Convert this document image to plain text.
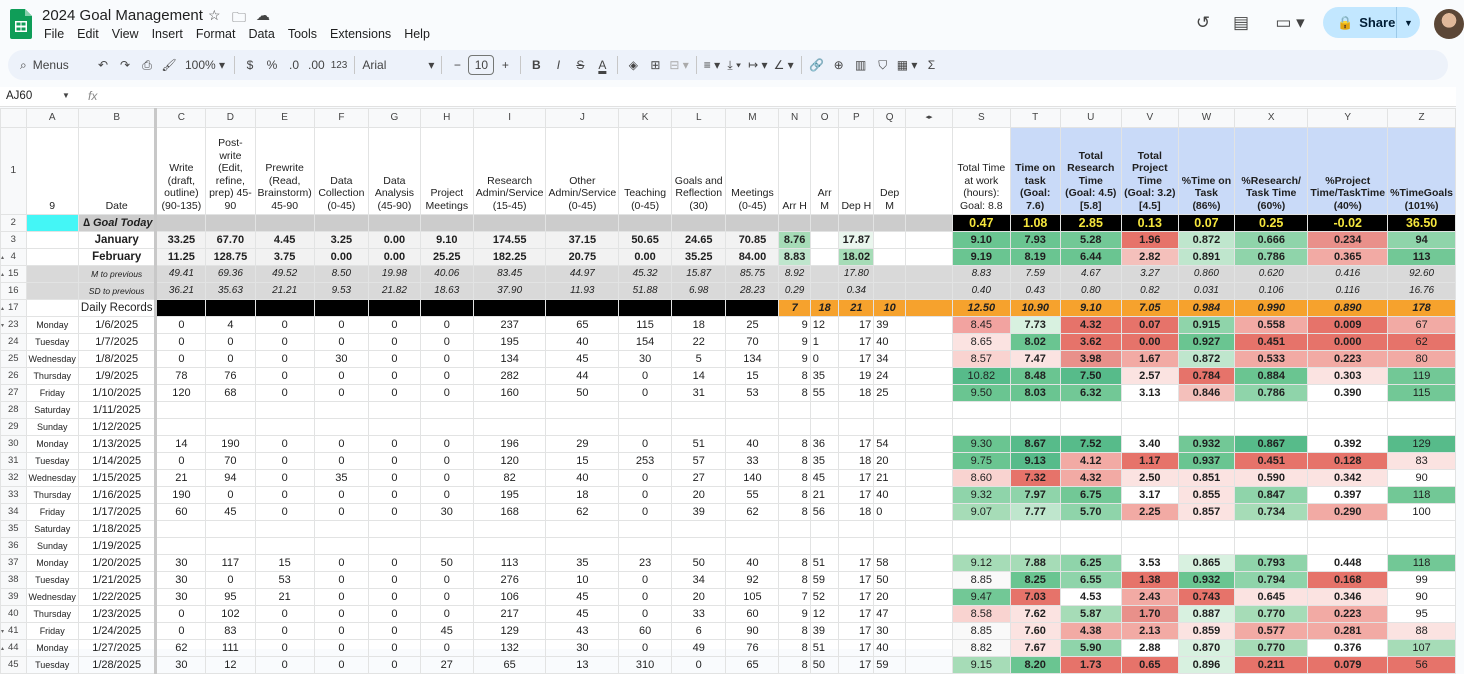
2024 Goal Management ☆ 🗀 ☁
File Edit View Insert Format Data Tools Extensions Help
↺ ▤ ▭ ▾ 🔒 Share ▼
⌕ Menus	↶ ↷	⎙ 🖌 100% ▾	$	% .0 .00 123 Arial	▾	−	10	+	B	I	S	A	◈	⊞ ⊟ ▾ ≡ ▾ ⤓ ▾ ↦ ▾ ∠ ▾ 🔗 ⊕ ▥ ⛉ ▦ ▾ Σ
AJ60	▼ fx
	A	B	C	D	E	F	G	H	I	J	K	L	M	N	O	P	Q	◂▸	S	T	U	V	W	X	Y	Z
1	9	Date	Write (draft, outline) (90-135)	Post-write (Edit, refine, prep) 45-90	Prewrite (Read, Brainstorm) 45-90	Data Collection (0-45)	Data Analysis (45-90)	Project Meetings	Research Admin/Service (15-45)	Other Admin/Service (0-45)	Teaching (0-45)	Goals and Reflection (30)	Meetings (0-45)	Arr H	Arr M	Dep H	Dep M		Total Time at work (hours): Goal: 8.8	Time on task (Goal: 7.6)	Total Research Time (Goal: 4.5) [5.8]	Total Project Time (Goal: 3.2) [4.5]	%Time on Task (86%)	%Research/ Task Time (60%)	%Project Time/TaskTime (40%)	%TimeGoals (101%)
2		∆ Goal Today																	0.47	1.08	2.85	0.13	0.07	0.25	-0.02	36.50
3		January	33.25	67.70	4.45	3.25	0.00	9.10	174.55	37.15	50.65	24.65	70.85	8.76		17.87			9.10	7.93	5.28	1.96	0.872	0.666	0.234	94
▴ 4		February	11.25	128.75	3.75	0.00	0.00	25.25	182.25	20.75	0.00	35.25	84.00	8.83		18.02			9.19	8.19	6.44	2.82	0.891	0.786	0.365	113
▴ 15		M to previous	49.41	69.36	49.52	8.50	19.98	40.06	83.45	44.97	45.32	15.87	85.75	8.92		17.80			8.83	7.59	4.67	3.27	0.860	0.620	0.416	92.60
16		SD to previous	36.21	35.63	21.21	9.53	21.82	18.63	37.90	11.93	51.88	6.98	28.23	0.29		0.34			0.40	0.43	0.80	0.82	0.031	0.106	0.116	16.76
▴ 17		Daily Records												7	18	21	10		12.50	10.90	9.10	7.05	0.984	0.990	0.890	178
▾ 23	Monday	1/6/2025	0	4	0	0	0	0	237	65	115	18	25	9	12	17	39		8.45	7.73	4.32	0.07	0.915	0.558	0.009	67
24	Tuesday	1/7/2025	0	0	0	0	0	0	195	40	154	22	70	9	1	17	40		8.65	8.02	3.62	0.00	0.927	0.451	0.000	62
25	Wednesday	1/8/2025	0	0	0	30	0	0	134	45	30	5	134	9	0	17	34		8.57	7.47	3.98	1.67	0.872	0.533	0.223	80
26	Thursday	1/9/2025	78	76	0	0	0	0	282	44	0	14	15	8	35	19	24		10.82	8.48	7.50	2.57	0.784	0.884	0.303	119
27	Friday	1/10/2025	120	68	0	0	0	0	160	50	0	31	53	8	55	18	25		9.50	8.03	6.32	3.13	0.846	0.786	0.390	115
28	Saturday	1/11/2025																								
29	Sunday	1/12/2025																								
30	Monday	1/13/2025	14	190	0	0	0	0	196	29	0	51	40	8	36	17	54		9.30	8.67	7.52	3.40	0.932	0.867	0.392	129
31	Tuesday	1/14/2025	0	70	0	0	0	0	120	15	253	57	33	8	35	18	20		9.75	9.13	4.12	1.17	0.937	0.451	0.128	83
32	Wednesday	1/15/2025	21	94	0	35	0	0	82	40	0	27	140	8	45	17	21		8.60	7.32	4.32	2.50	0.851	0.590	0.342	90
33	Thursday	1/16/2025	190	0	0	0	0	0	195	18	0	20	55	8	21	17	40		9.32	7.97	6.75	3.17	0.855	0.847	0.397	118
34	Friday	1/17/2025	60	45	0	0	0	30	168	62	0	39	62	8	56	18	0		9.07	7.77	5.70	2.25	0.857	0.734	0.290	100
35	Saturday	1/18/2025																								
36	Sunday	1/19/2025																								
37	Monday	1/20/2025	30	117	15	0	0	50	113	35	23	50	40	8	51	17	58		9.12	7.88	6.25	3.53	0.865	0.793	0.448	118
38	Tuesday	1/21/2025	30	0	53	0	0	0	276	10	0	34	92	8	59	17	50		8.85	8.25	6.55	1.38	0.932	0.794	0.168	99
39	Wednesday	1/22/2025	30	95	21	0	0	0	106	45	0	20	105	7	52	17	20		9.47	7.03	4.53	2.43	0.743	0.645	0.346	90
40	Thursday	1/23/2025	0	102	0	0	0	0	217	45	0	33	60	9	12	17	47		8.58	7.62	5.87	1.70	0.887	0.770	0.223	95
▾ 41	Friday	1/24/2025	0	83	0	0	0	45	129	43	60	6	90	8	39	17	30		8.85	7.60	4.38	2.13	0.859	0.577	0.281	88
▴ 44	Monday	1/27/2025	62	111	0	0	0	0	132	30	0	49	76	8	51	17	40		8.82	7.67	5.90	2.88	0.870	0.770	0.376	107
45	Tuesday	1/28/2025	30	12	0	0	0	27	65	13	310	0	65	8	50	17	59		9.15	8.20	1.73	0.65	0.896	0.211	0.079	56
